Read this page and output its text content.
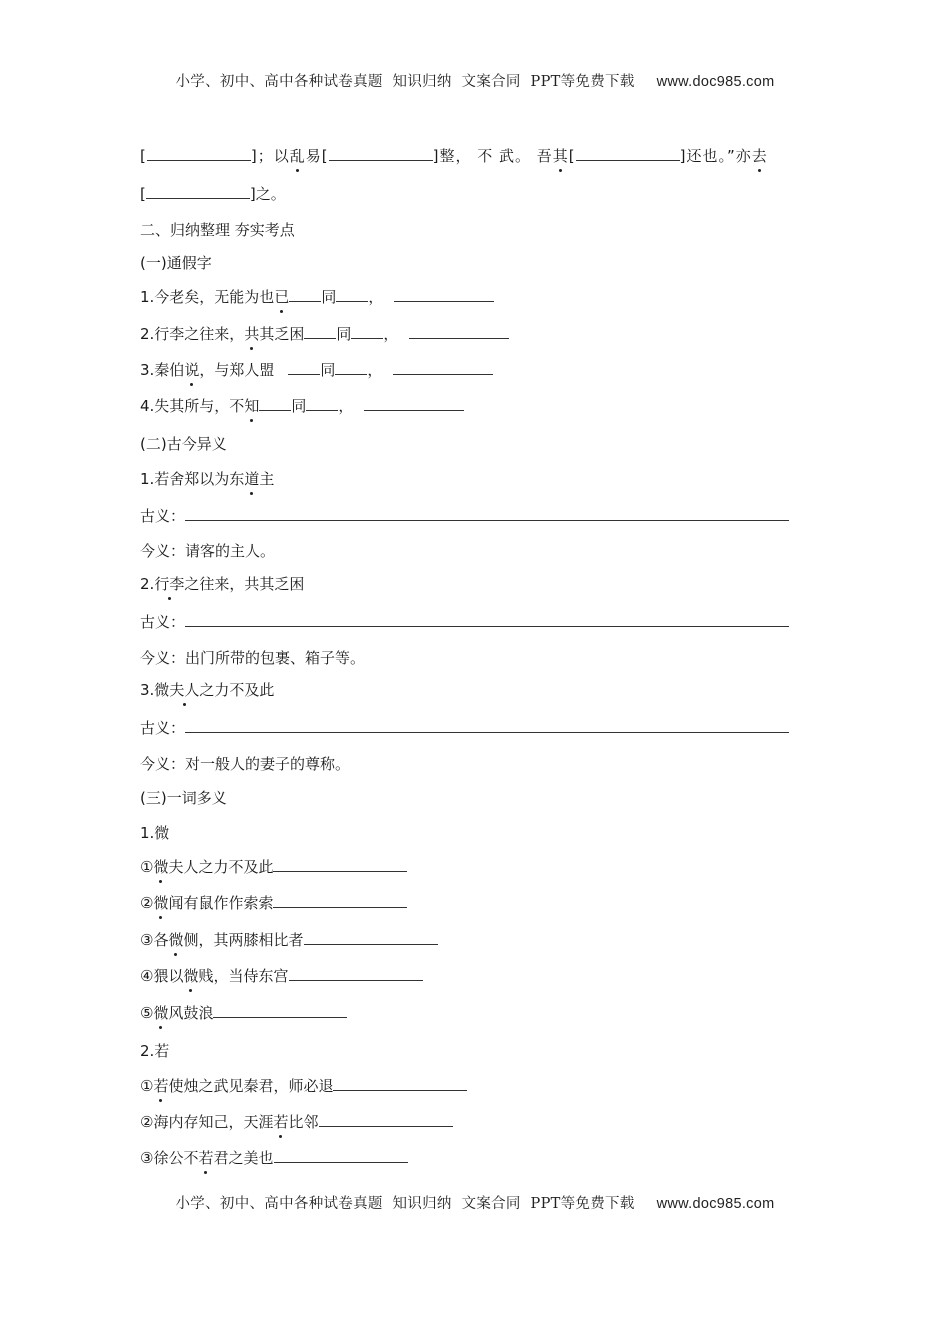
小学、初中、高中各种试卷真题  知识归纳  文案合同  PPT等免费下载 www.doc985.com
[	]；以乱易[	]整， 不 武。 吾其[	]还也。”亦去
[	]之。
二、归纳整理 夯实考点
(一)通假字
1.今老矣，无能为也已 同 ，
2.行李之往来，共其乏困 同 ，
3.秦伯说，与郑人盟	同 ，
4.失其所与，不知 同 ，
(二)古今异义
1.若舍郑以为东道主
古义：
今义：请客的主人。
2.行李之往来，共其乏困
古义：
今义：出门所带的包裹、箱子等。
3.微夫人之力不及此
古义：
今义：对一般人的妻子的尊称。
(三)一词多义
1.微
①微夫人之力不及此
②微闻有鼠作作索索
③各微侧，其两膝相比者
④猥以微贱，当侍东宫
⑤微风鼓浪
2.若
①若使烛之武见秦君，师必退
②海内存知己，天涯若比邻
③徐公不若君之美也
小学、初中、高中各种试卷真题  知识归纳  文案合同  PPT等免费下载 www.doc985.com
